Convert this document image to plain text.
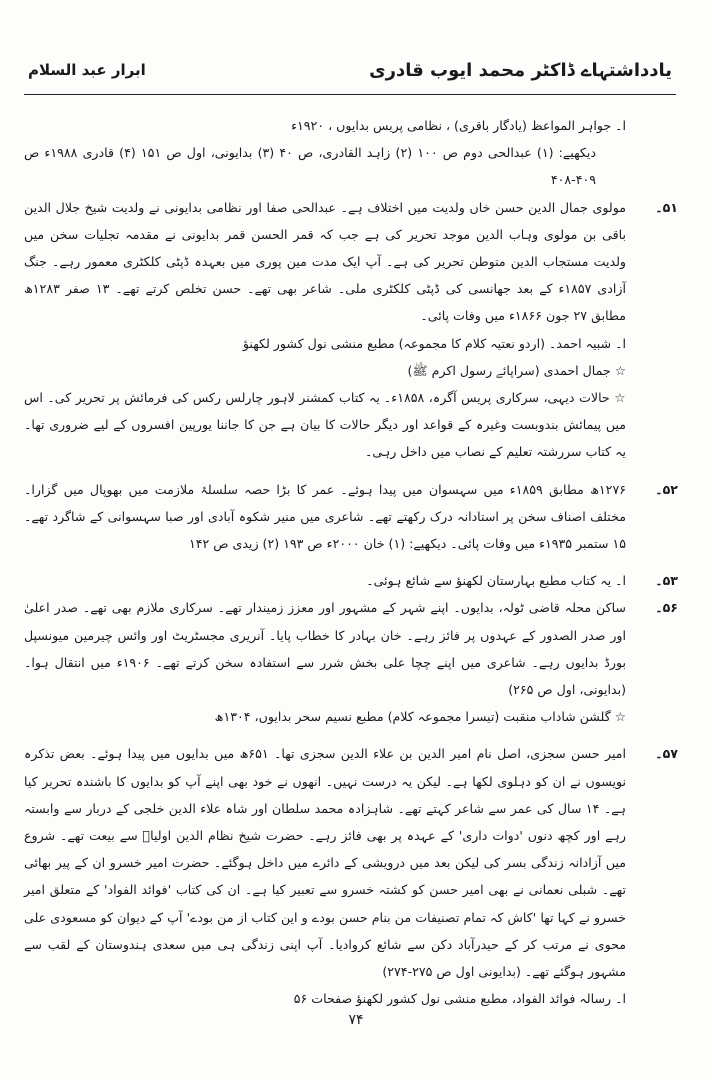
یادداشتہاے ڈاکٹر محمد ایوب قادری
ابرار عبد السلام
ا۔ جواہر المواعظ (یادگار باقری) ، نظامی پریس بدایوں ، ۱۹۲۰ء
دیکھیے: (۱) عبدالحی دوم ص ۱۰۰ (۲) زاہد القادری، ص ۴۰ (۳) بدایونی، اول ص ۱۵۱ (۴) قادری ۱۹۸۸ء ص ۴۰۹-۴۰۸
۵۱۔
مولوی جمال الدین حسن خاں ولدیت میں اختلاف ہے۔ عبدالحی صفا اور نظامی بدایونی نے ولدیت شیخ جلال الدین باقی بن مولوی وہاب الدین موجد تحریر کی ہے جب کہ قمر الحسن قمر بدایونی نے مقدمہ تجلیات سخن میں ولدیت مستجاب الدین متوطن تحریر کی ہے۔ آپ ایک مدت مین پوری میں بعہدہ ڈپٹی کلکٹری معمور رہے۔ جنگ آزادی ۱۸۵۷ء کے بعد جھانسی کی ڈپٹی کلکٹری ملی۔ شاعر بھی تھے۔ حسن تخلص کرتے تھے۔ ۱۳ صفر ۱۲۸۳ھ مطابق ۲۷ جون ۱۸۶۶ء میں وفات پائی۔
ا۔ شبیہ احمد۔ (اردو نعتیہ کلام کا مجموعہ) مطبع منشی نول کشور لکھنؤ
☆ جمال احمدی (سراپائے رسول اکرم ﷺ)
☆ حالات دیہی، سرکاری پریس آگرہ، ۱۸۵۸ء۔ یہ کتاب کمشنر لاہور چارلس رکس کی فرمائش پر تحریر کی۔ اس میں پیمائش بندوبست وغیرہ کے قواعد اور دیگر حالات کا بیان ہے جن کا جاننا یورپین افسروں کے لیے ضروری تھا۔ یہ کتاب سررشتہ تعلیم کے نصاب میں داخل رہی۔
۵۲۔
۱۲۷۶ھ مطابق ۱۸۵۹ء میں سہسوان میں پیدا ہوئے۔ عمر کا بڑا حصہ سلسلۂ ملازمت میں بھوپال میں گزارا۔ مختلف اصناف سخن پر استادانہ درک رکھتے تھے۔ شاعری میں منیر شکوہ آبادی اور صبا سہسوانی کے شاگرد تھے۔ ۱۵ ستمبر ۱۹۳۵ء میں وفات پائی۔ دیکھیے: (۱) خان ۲۰۰۰ء ص ۱۹۳ (۲) زیدی ص ۱۴۲
۵۳۔
ا۔ یہ کتاب مطبع بہارستان لکھنؤ سے شائع ہوئی۔
۵۶۔
ساکن محلہ قاضی ٹولہ، بدایوں۔ اپنے شہر کے مشہور اور معزز زمیندار تھے۔ سرکاری ملازم بھی تھے۔ صدر اعلیٰ اور صدر الصدور کے عہدوں پر فائز رہے۔ خان بہادر کا خطاب پایا۔ آنریری مجسٹریٹ اور وائس چیرمین میونسپل بورڈ بدایوں رہے۔ شاعری میں اپنے چچا علی بخش شرر سے استفادہ سخن کرتے تھے۔ ۱۹۰۶ء میں انتقال ہوا۔ (بدایونی، اول ص ۲۶۵)
☆ گلشن شاداب منقبت (تیسرا مجموعہ کلام) مطبع نسیم سحر بدایوں، ۱۳۰۴ھ
۵۷۔
امیر حسن سجزی، اصل نام امیر الدین بن علاء الدین سجزی تھا۔ ۶۵۱ھ میں بدایوں میں پیدا ہوئے۔ بعض تذکرہ نویسوں نے ان کو دہلوی لکھا ہے۔ لیکن یہ درست نہیں۔ انھوں نے خود بھی اپنے آپ کو بدایوں کا باشندہ تحریر کیا ہے۔ ۱۴ سال کی عمر سے شاعر کہتے تھے۔ شاہزادہ محمد سلطان اور شاہ علاء الدین خلجی کے دربار سے وابستہ رہے اور کچھ دنوں 'دوات داری' کے عہدہ پر بھی فائز رہے۔ حضرت شیخ نظام الدین اولیاؒ سے بیعت تھے۔ شروع میں آزادانہ زندگی بسر کی لیکن بعد میں درویشی کے دائرے میں داخل ہوگئے۔ حضرت امیر خسرو ان کے پیر بھائی تھے۔ شبلی نعمانی نے بھی امیر حسن کو کشتہ خسرو سے تعبیر کیا ہے۔ ان کی کتاب 'فوائد الفواد' کے متعلق امیر خسرو نے کہا تھا 'کاش کہ تمام تصنیفات من بنام حسن بودے و این کتاب از من بودے' آپ کے دیوان کو مسعودی علی محوی نے مرتب کر کے حیدرآباد دکن سے شائع کروادیا۔ آپ اپنی زندگی ہی میں سعدی ہندوستان کے لقب سے مشہور ہوگئے تھے۔ (بدایونی اول ص ۲۷۵-۲۷۴)
ا۔ رسالہ فوائد الفواد، مطبع منشی نول کشور لکھنؤ صفحات ۵۶
۷۴
